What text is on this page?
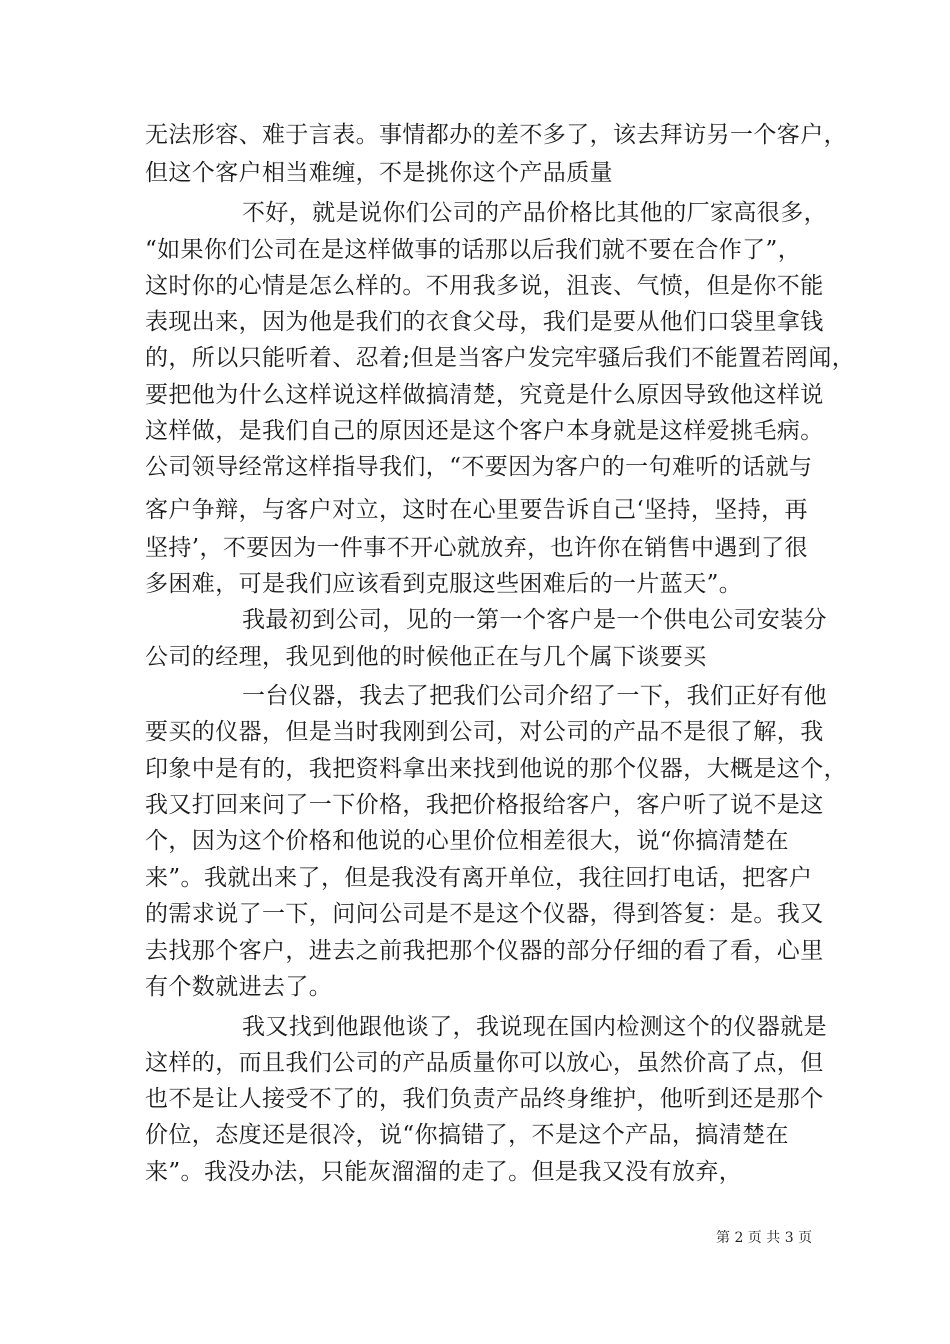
无法形容、难于言表。事情都办的差不多了，该去拜访另一个客户，
但这个客户相当难缠，不是挑你这个产品质量
不好，就是说你们公司的产品价格比其他的厂家高很多，
“如果你们公司在是这样做事的话那以后我们就不要在合作了”，
这时你的心情是怎么样的。不用我多说，沮丧、气愤，但是你不能
表现出来，因为他是我们的衣食父母，我们是要从他们口袋里拿钱
的，所以只能听着、忍着;但是当客户发完牢骚后我们不能置若罔闻，
要把他为什么这样说这样做搞清楚，究竟是什么原因导致他这样说
这样做，是我们自己的原因还是这个客户本身就是这样爱挑毛病。
公司领导经常这样指导我们，“不要因为客户的一句难听的话就与
客户争辩，与客户对立，这时在心里要告诉自己‘坚持，坚持，再
坚持’，不要因为一件事不开心就放弃，也许你在销售中遇到了很
多困难，可是我们应该看到克服这些困难后的一片蓝天”。
我最初到公司，见的一第一个客户是一个供电公司安装分
公司的经理，我见到他的时候他正在与几个属下谈要买
一台仪器，我去了把我们公司介绍了一下，我们正好有他
要买的仪器，但是当时我刚到公司，对公司的产品不是很了解，我
印象中是有的，我把资料拿出来找到他说的那个仪器，大概是这个，
我又打回来问了一下价格，我把价格报给客户，客户听了说不是这
个，因为这个价格和他说的心里价位相差很大，说“你搞清楚在
来”。我就出来了，但是我没有离开单位，我往回打电话，把客户
的需求说了一下，问问公司是不是这个仪器，得到答复：是。我又
去找那个客户，进去之前我把那个仪器的部分仔细的看了看，心里
有个数就进去了。
我又找到他跟他谈了，我说现在国内检测这个的仪器就是
这样的，而且我们公司的产品质量你可以放心，虽然价高了点，但
也不是让人接受不了的，我们负责产品终身维护，他听到还是那个
价位，态度还是很冷，说“你搞错了，不是这个产品，搞清楚在
来”。我没办法，只能灰溜溜的走了。但是我又没有放弃，
第 2 页 共 3 页
